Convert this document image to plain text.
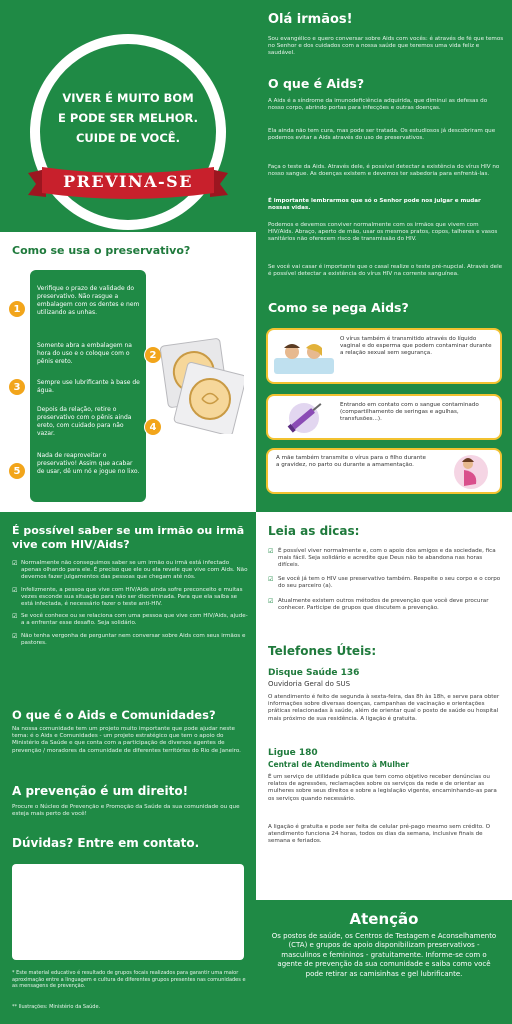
VIVER É MUITO BOM
E PODE SER MELHOR.
CUIDE DE VOCÊ.
PREVINA-SE
Como se usa o preservativo?
1
Verifique o prazo de validade do preservativo. Não rasgue a embalagem com os dentes e nem utilizando as unhas.
2
Somente abra a embalagem na hora do uso e o coloque com o pênis ereto.
3	Sempre use lubrificante à base de água.
4
Depois da relação, retire o preservativo com o pênis ainda ereto, com cuidado para não vazar.
5
Nada de reaproveitar o preservativo! Assim que acabar de usar, dê um nó e jogue no lixo.
Olá irmãos!
Sou evangélico e quero conversar sobre Aids com vocês: é através de fé que temos no Senhor e dos cuidados com a nossa saúde que teremos uma vida feliz e saudável.
O que é Aids?
A Aids é a síndrome da imunodeficiência adquirida, que diminui as defesas do nosso corpo, abrindo portas para infecções e outras doenças.
Ela ainda não tem cura, mas pode ser tratada. Os estudiosos já descobriram que podemos evitar a Aids através do uso de preservativos.
Faça o teste da Aids. Através dele, é possível detectar a existência do vírus HIV no nosso sangue. As doenças existem e devemos ter sabedoria para enfrentá-las.
É importante lembrarmos que só o Senhor pode nos julgar e mudar nossas vidas.
Podemos e devemos conviver normalmente com os irmãos que vivem com HIV/Aids. Abraço, aperto de mão, usar os mesmos pratos, copos, talheres e vasos sanitários não oferecem risco de transmissão do HIV.
Se você vai casar é importante que o casal realize o teste pré-nupcial. Através dele é possível detectar a existência do vírus HIV na corrente sanguínea.
Como se pega Aids?
O vírus também é transmitido através do líquido vaginal e do esperma que podem contaminar durante a relação sexual sem segurança.
Entrando em contato com o sangue contaminado (compartilhamento de seringas e agulhas, transfusões...).
A mãe também transmite o vírus para o filho durante a gravidez, no parto ou durante a amamentação.
É possível saber se um irmão ou irmã vive com HIV/Aids?
☑ Normalmente não conseguimos saber se um irmão ou irmã está infectado apenas olhando para ele. É preciso que ele ou ela revele que vive com Aids. Não devemos fazer julgamentos das pessoas que chegam até nós.
☑ Infelizmente, a pessoa que vive com HIV/Aids ainda sofre preconceito e muitas vezes esconde sua situação para não ser discriminada. Para que ela saiba se está infectada, é necessário fazer o teste anti-HIV.
☑ Se você conhece ou se relaciona com uma pessoa que vive com HIV/Aids, ajude-a a enfrentar esse desafio. Seja solidário.
☑ Não tenha vergonha de perguntar nem conversar sobre Aids com seus irmãos e pastores.
O que é o Aids e Comunidades?
Na nossa comunidade tem um projeto muito importante que pode ajudar neste tema: é o Aids e Comunidades - um projeto estratégico que tem o apoio do Ministério da Saúde e que conta com a participação de diversos agentes de prevenção / moradores da comunidade de diferentes territórios do Rio de Janeiro.
A prevenção é um direito!
Procure o Núcleo de Prevenção e Promoção da Saúde da sua comunidade ou que esteja mais perto de você!
Dúvidas? Entre em contato.
* Este material educativo é resultado de grupos focais realizados para garantir uma maior aproximação entre a linguagem e cultura de diferentes grupos presentes nas comunidades e as mensagens de prevenção.
** Ilustrações: Ministério da Saúde.
Leia as dicas:
☑ É possível viver normalmente e, com o apoio dos amigos e da sociedade, fica mais fácil. Seja solidário e acredite que Deus não te abandona nas horas difíceis.
☑ Se você já tem o HIV use preservativo também. Respeite o seu corpo e o corpo do seu parceiro (a).
☑ Atualmente existem outros métodos de prevenção que você deve procurar conhecer. Participe de grupos que discutem a prevenção.
Telefones Úteis:
Disque Saúde 136
Ouvidoria Geral do SUS
O atendimento é feito de segunda à sexta-feira, das 8h às 18h, e serve para obter informações sobre diversas doenças, campanhas de vacinação e orientações práticas relacionadas à saúde, além de orientar qual o posto de saúde ou hospital mais próximo de sua residência. A ligação é gratuita.
Ligue 180
Central de Atendimento à Mulher
É um serviço de utilidade pública que tem como objetivo receber denúncias ou relatos de agressões, reclamações sobre os serviços da rede e de orientar as mulheres sobre seus direitos e sobre a legislação vigente, encaminhando-as para os serviços quando necessário.
A ligação é gratuita e pode ser feita de celular pré-pago mesmo sem crédito. O atendimento funciona 24 horas, todos os dias da semana, inclusive finais de semana e feriados.
Atenção
Os postos de saúde, os Centros de Testagem e Aconselhamento (CTA) e grupos de apoio disponibilizam preservativos - masculinos e femininos - gratuitamente. Informe-se com o agente de prevenção da sua comunidade e saiba como você pode retirar as camisinhas e gel lubrificante.
